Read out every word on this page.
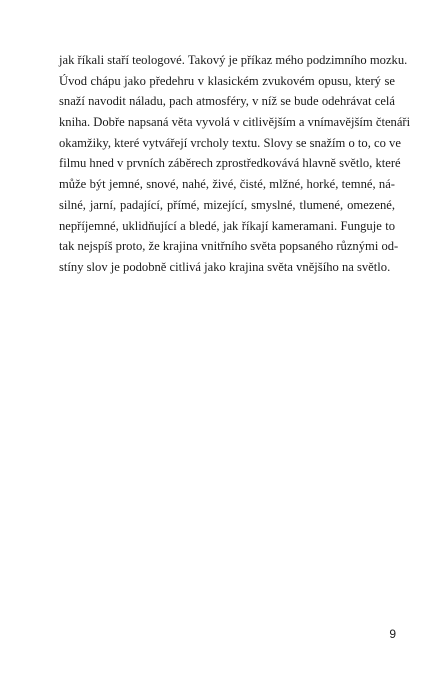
jak říkali staří teologové. Takový je příkaz mého podzimního mozku.
Úvod chápu jako předehru v klasickém zvukovém opusu, který se
snaží navodit náladu, pach atmosféry, v níž se bude odehrávat celá
kniha. Dobře napsaná věta vyvolá v citlivějším a vnímavějším čtenáři
okamžiky, které vytvářejí vrcholy textu. Slovy se snažím o to, co ve
filmu hned v prvních záběrech zprostředkovává hlavně světlo, které
může být jemné, snové, nahé, živé, čisté, mlžné, horké, temné, ná-
silné, jarní, padající, přímé, mizející, smyslné, tlumené, omezené,
nepříjemné, uklidňující a bledé, jak říkají kameramani. Funguje to
tak nejspíš proto, že krajina vnitřního světa popsaného různými od-
stíny slov je podobně citlivá jako krajina světa vnějšího na světlo.
9
